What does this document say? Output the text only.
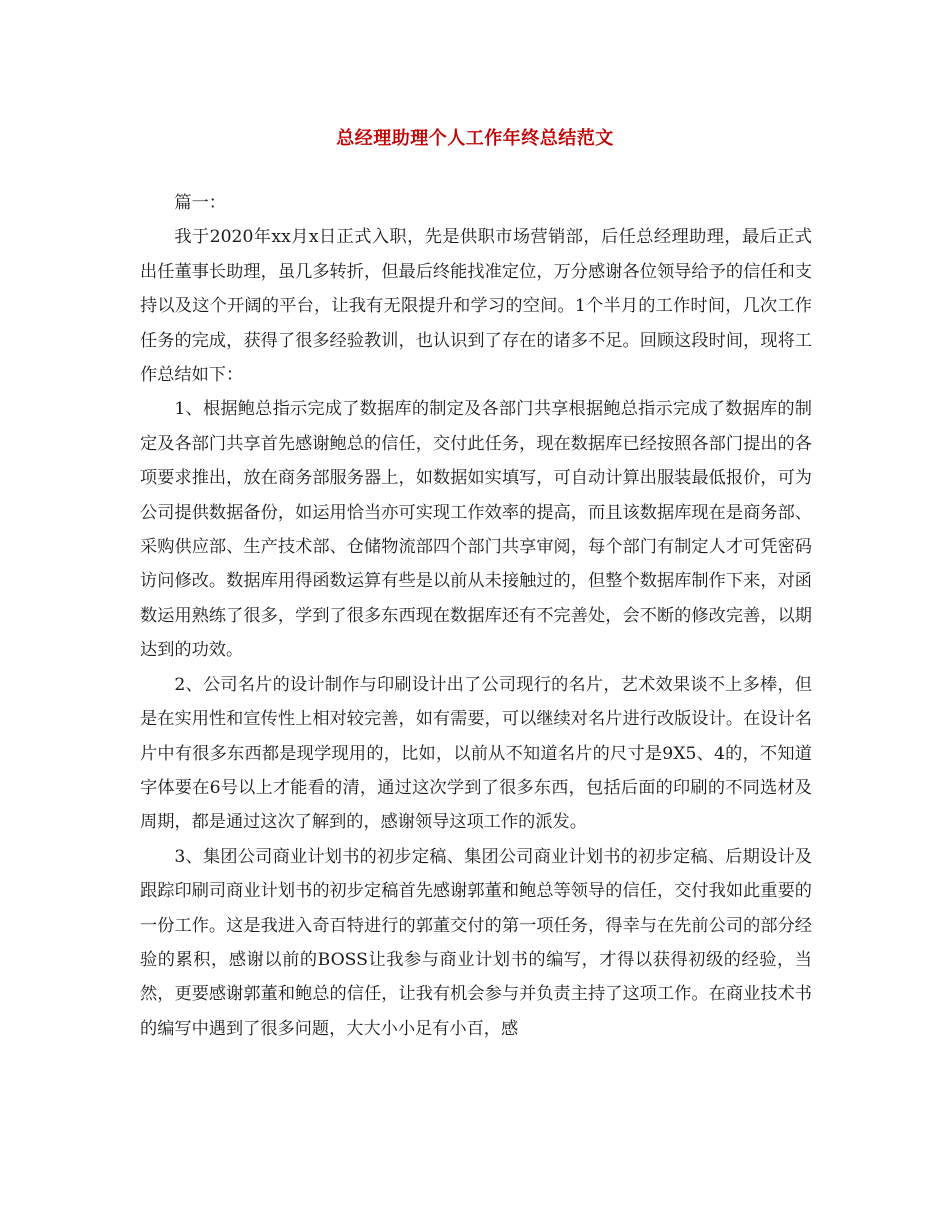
总经理助理个人工作年终总结范文

篇一：

我于2020年xx月x日正式入职，先是供职市场营销部，后任总经理助理，最后正式出任董事长助理，虽几多转折，但最后终能找准定位，万分感谢各位领导给予的信任和支持以及这个开阔的平台，让我有无限提升和学习的空间。1个半月的工作时间，几次工作任务的完成，获得了很多经验教训，也认识到了存在的诸多不足。回顾这段时间，现将工作总结如下：

1、根据鲍总指示完成了数据库的制定及各部门共享根据鲍总指示完成了数据库的制定及各部门共享首先感谢鲍总的信任，交付此任务，现在数据库已经按照各部门提出的各项要求推出，放在商务部服务器上，如数据如实填写，可自动计算出服装最低报价，可为公司提供数据备份，如运用恰当亦可实现工作效率的提高，而且该数据库现在是商务部、采购供应部、生产技术部、仓储物流部四个部门共享审阅，每个部门有制定人才可凭密码访问修改。数据库用得函数运算有些是以前从未接触过的，但整个数据库制作下来，对函数运用熟练了很多，学到了很多东西现在数据库还有不完善处，会不断的修改完善，以期达到的功效。

2、公司名片的设计制作与印刷设计出了公司现行的名片，艺术效果谈不上多棒，但是在实用性和宣传性上相对较完善，如有需要，可以继续对名片进行改版设计。在设计名片中有很多东西都是现学现用的，比如，以前从不知道名片的尺寸是9X5、4的，不知道字体要在6号以上才能看的清，通过这次学到了很多东西，包括后面的印刷的不同选材及周期，都是通过这次了解到的，感谢领导这项工作的派发。

3、集团公司商业计划书的初步定稿、集团公司商业计划书的初步定稿、后期设计及跟踪印刷司商业计划书的初步定稿首先感谢郭董和鲍总等领导的信任，交付我如此重要的一份工作。这是我进入奇百特进行的郭董交付的第一项任务，得幸与在先前公司的部分经验的累积，感谢以前的BOSS让我参与商业计划书的编写，才得以获得初级的经验，当然，更要感谢郭董和鲍总的信任，让我有机会参与并负责主持了这项工作。在商业技术书的编写中遇到了很多问题，大大小小足有小百，感
